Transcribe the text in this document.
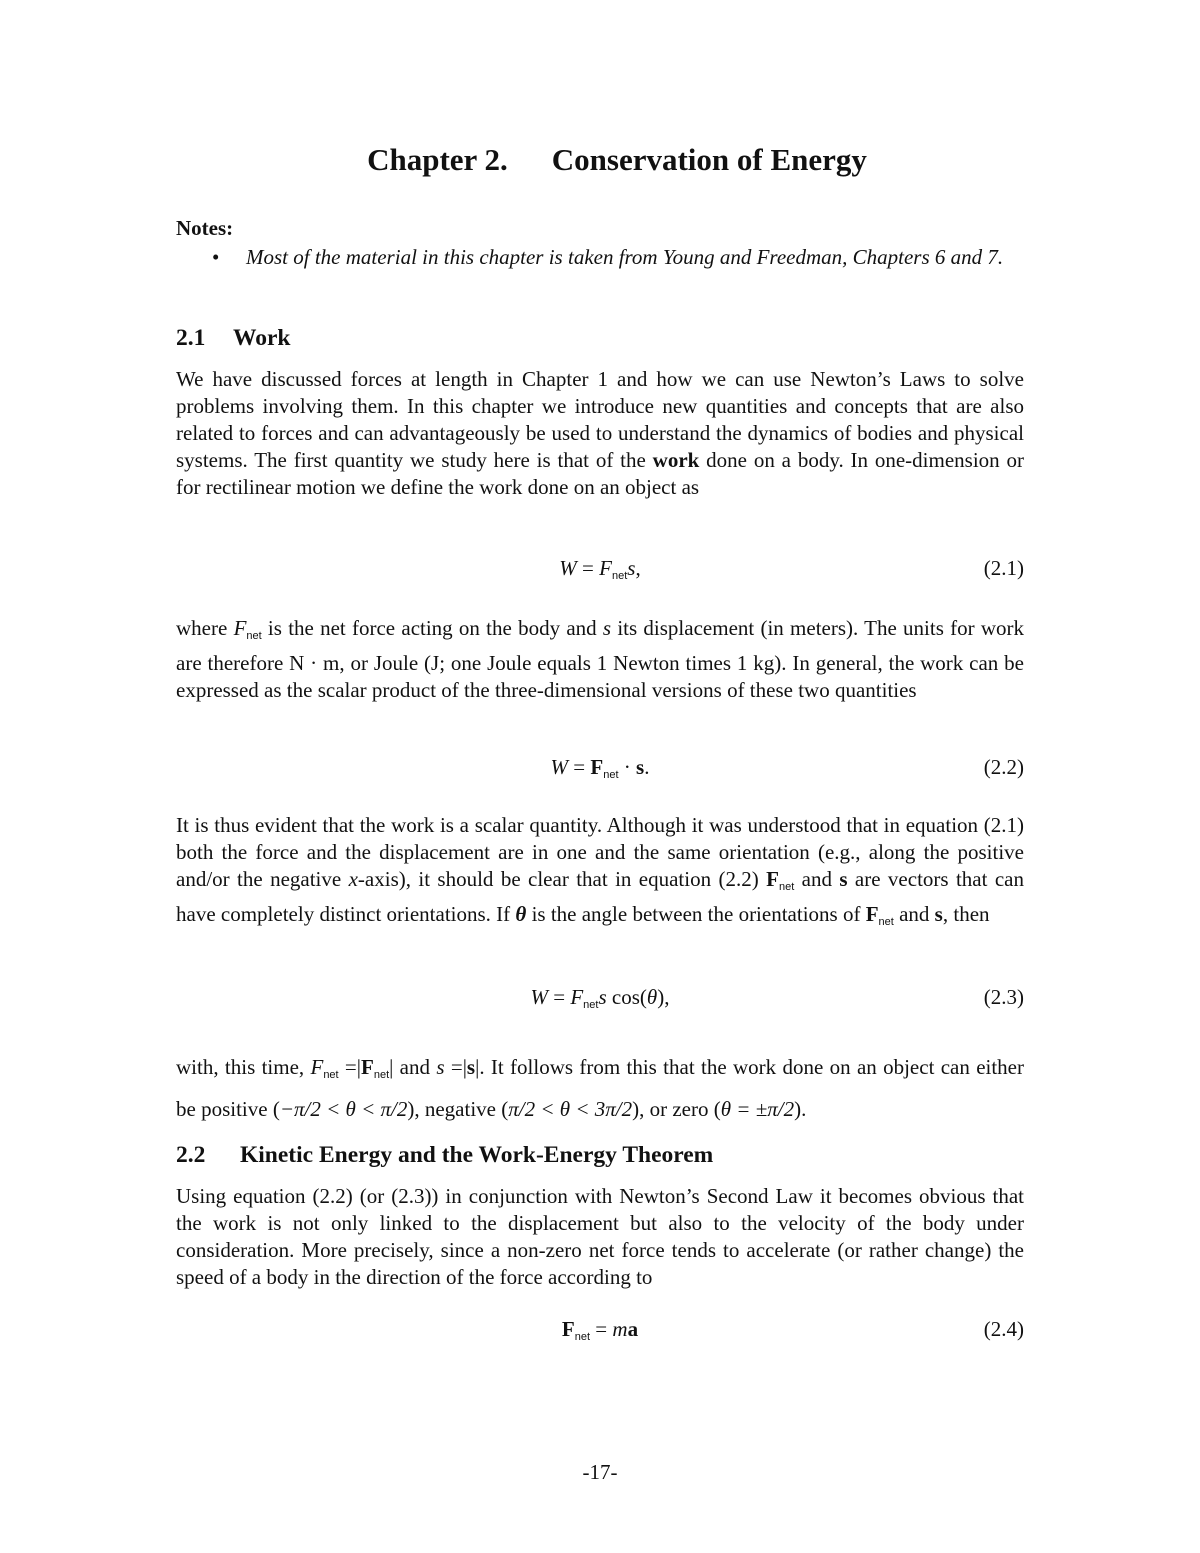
Chapter 2. Conservation of Energy

Notes:

• Most of the material in this chapter is taken from Young and Freedman, Chapters 6 and 7.
2.1 Work

We have discussed forces at length in Chapter 1 and how we can use Newton’s Laws to solve problems involving them. In this chapter we introduce new quantities and concepts that are also related to forces and can advantageously be used to understand the dynamics of bodies and physical systems. The first quantity we study here is that of the work done on a body. In one-dimension or for rectilinear motion we define the work done on an object as

$W = F_{net}s$,	(2.1)

where $F_{net}$ is the net force acting on the body and s its displacement (in meters). The units for work are therefore N · m, or Joule (J; one Joule equals 1 Newton times 1 kg). In general, the work can be expressed as the scalar product of the three-dimensional versions of these two quantities

$W = F_{net} \cdot s$.	(2.2)

It is thus evident that the work is a scalar quantity. Although it was understood that in equation (2.1) both the force and the displacement are in one and the same orientation (e.g., along the positive and/or the negative x-axis), it should be clear that in equation (2.2) $F_{net}$ and s are vectors that can have completely distinct orientations. If θ is the angle between the orientations of $F_{net}$ and s, then

$W = F_{net}s$ cos(θ),	(2.3)

with, this time, $F_{net} =|F_{net}|$ and s =|s|. It follows from this that the work done on an object can either be positive (−π/2 < θ < π/2), negative (π/2 < θ < 3π/2), or zero (θ = ±π/2).

2.2 Kinetic Energy and the Work-Energy Theorem

Using equation (2.2) (or (2.3)) in conjunction with Newton’s Second Law it becomes obvious that the work is not only linked to the displacement but also to the velocity of the body under consideration. More precisely, since a non-zero net force tends to accelerate (or rather change) the speed of a body in the direction of the force according to

$F_{net}$ = ma	(2.4)
-17-
